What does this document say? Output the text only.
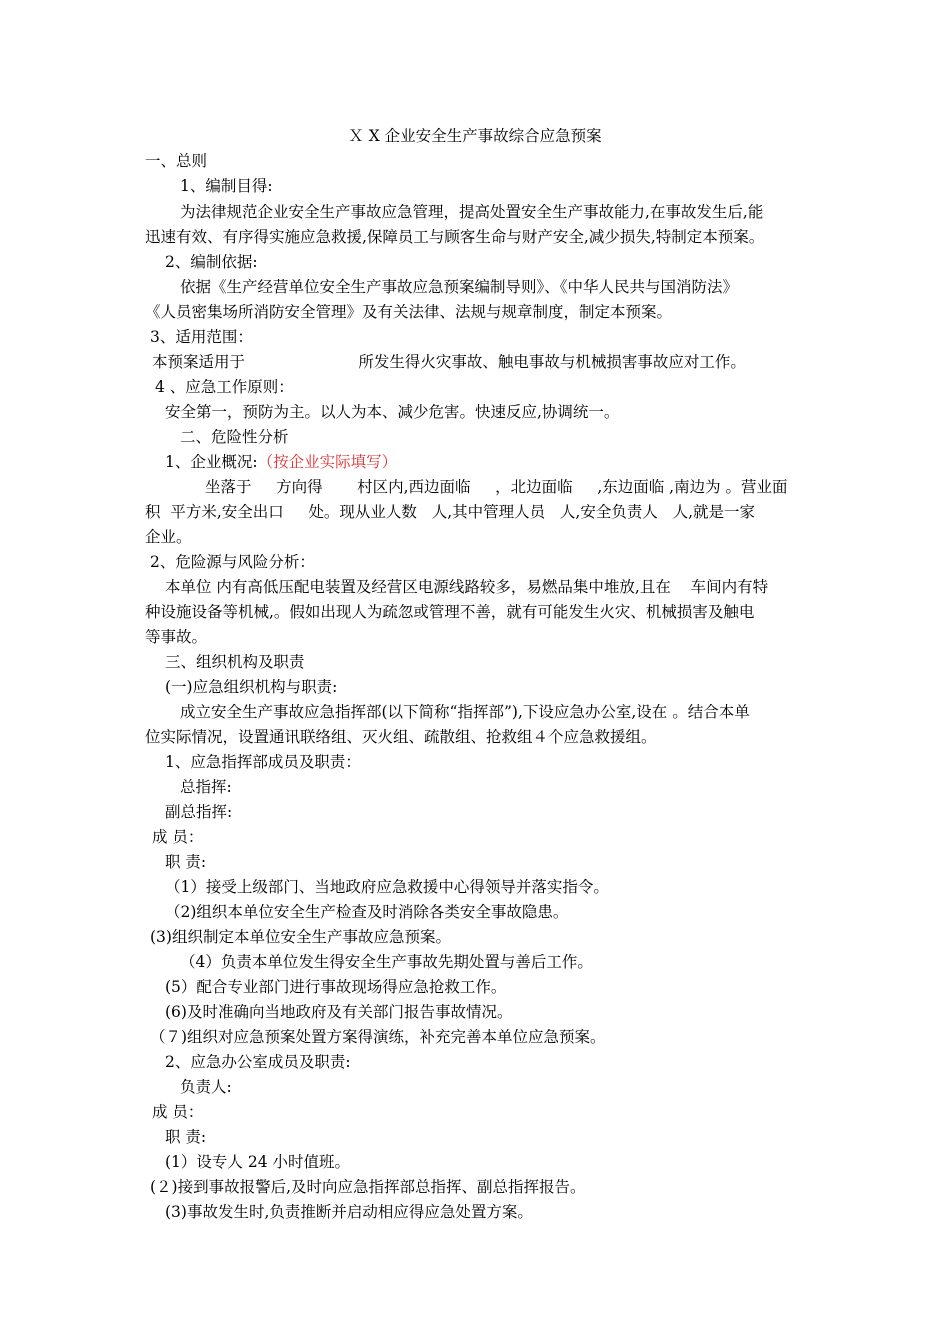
Ｘ X 企业安全生产事故综合应急预案
一、总则
1、编制目得:
为法律规范企业安全生产事故应急管理，提高处置安全生产事故能力,在事故发生后,能
迅速有效、有序得实施应急救援,保障员工与顾客生命与财产安全,减少损失,特制定本预案。
2、编制依据:
依据《生产经营单位安全生产事故应急预案编制导则》、《中华人民共与国消防法》
《人员密集场所消防安全管理》及有关法律、法规与规章制度，制定本预案。
3、适用范围：
本预案适用于                       所发生得火灾事故、触电事故与机械损害事故应对工作。
4 、应急工作原则：
安全第一，预防为主。以人为本、减少危害。快速反应,协调统一。
二、危险性分析
1、企业概况:（按企业实际填写）
坐落于     方向得       村区内,西边面临     ，北边面临     ,东边面临 ,南边为 。营业面
积  平方米,安全出口     处。现从业人数   人,其中管理人员   人,安全负责人   人,就是一家
企业。
2、危险源与风险分析：
本单位 内有高低压配电装置及经营区电源线路较多，易燃品集中堆放,且在    车间内有特
种设施设备等机械,。假如出现人为疏忽或管理不善，就有可能发生火灾、机械损害及触电
等事故。
三、组织机构及职责
(一)应急组织机构与职责:
成立安全生产事故应急指挥部(以下简称“指挥部”),下设应急办公室,设在 。结合本单
位实际情况，设置通讯联络组、灭火组、疏散组、抢救组４个应急救援组。
1、应急指挥部成员及职责：
总指挥:
副总指挥:
成 员：
职 责:
（1）接受上级部门、当地政府应急救援中心得领导并落实指令。
（2)组织本单位安全生产检查及时消除各类安全事故隐患。
(3)组织制定本单位安全生产事故应急预案。
（4）负责本单位发生得安全生产事故先期处置与善后工作。
(5）配合专业部门进行事故现场得应急抢救工作。
(6)及时准确向当地政府及有关部门报告事故情况。
（７)组织对应急预案处置方案得演练，补充完善本单位应急预案。
2、应急办公室成员及职责:
负责人:
成 员：
职 责:
(1）设专人 24 小时值班。
(２)接到事故报警后,及时向应急指挥部总指挥、副总指挥报告。
(3)事故发生时,负责推断并启动相应得应急处置方案。
